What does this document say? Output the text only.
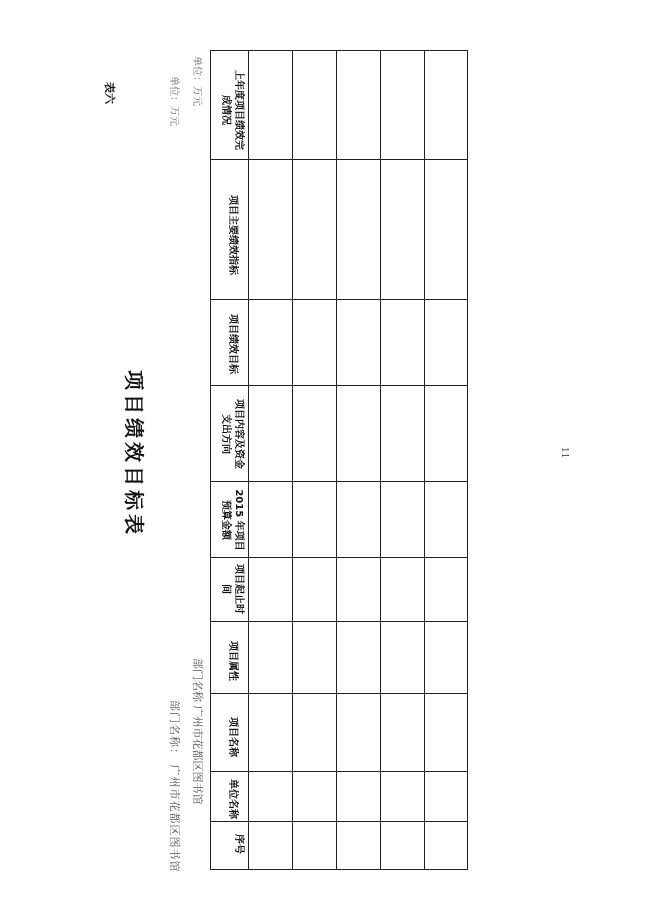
表六	单位：万元	单位：万元
项目绩效目标表
部门名称： 广州市花都区图书馆 部门名称 广州市花都区图书馆
11
上年度项目绩效完成情况
项目主要绩效指标
项目绩效目标
项目内容及资金支出方向
2015 年项目预算金额
项目起止时间
项目属性
项目名称
单位名称
序号
